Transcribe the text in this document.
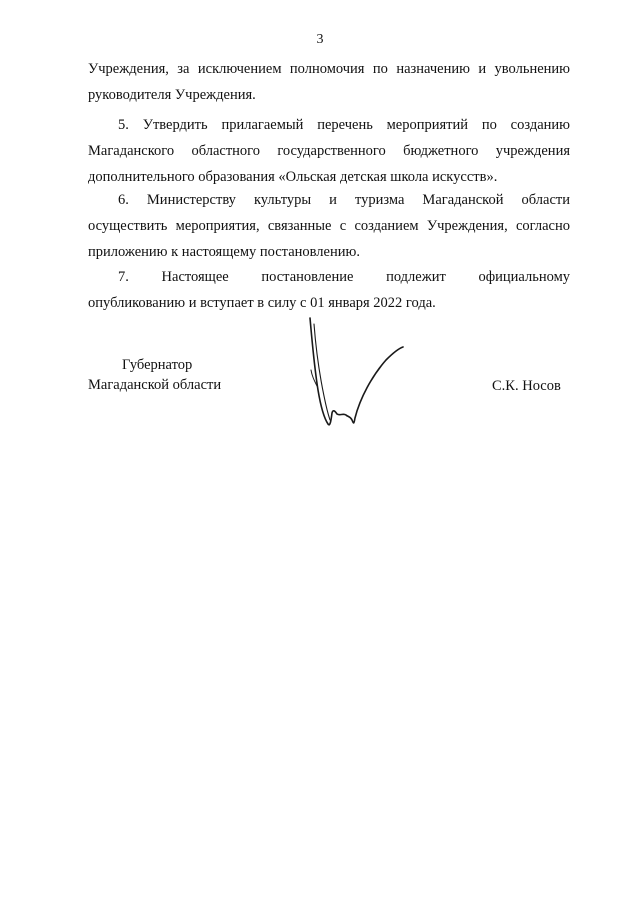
3
Учреждения, за исключением полномочия по назначению и увольнению
руководителя Учреждения.
5. Утвердить прилагаемый перечень мероприятий по созданию
Магаданского областного государственного бюджетного учреждения
дополнительного образования «Ольская детская школа искусств».
6. Министерству культуры и туризма Магаданской области
осуществить мероприятия, связанные с созданием Учреждения, согласно
приложению к настоящему постановлению.
7. Настоящее постановление подлежит официальному
опубликованию и вступает в силу с 01 января 2022 года.
Губернатор
Магаданской области	С.К. Носов
